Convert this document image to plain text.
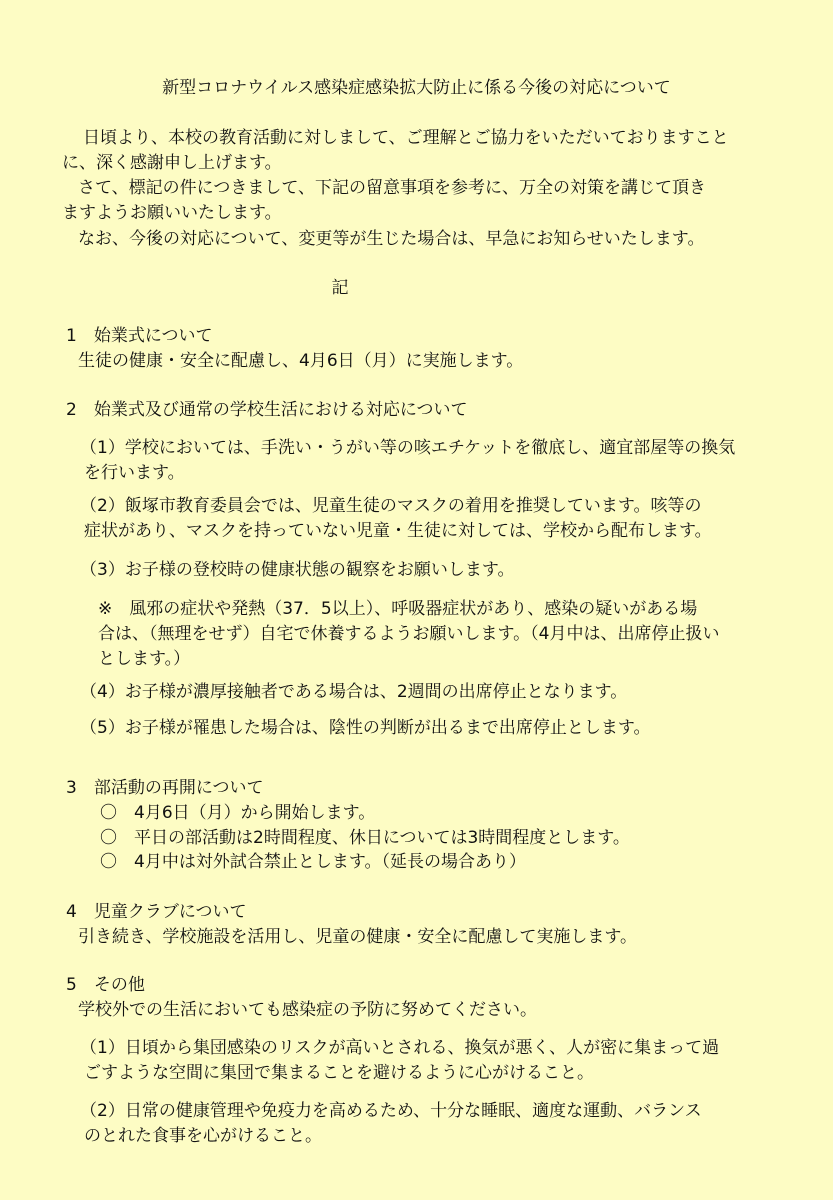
新型コロナウイルス感染症感染拡大防止に係る今後の対応について
日頃より、本校の教育活動に対しまして、ご理解とご協力をいただいておりますこと
に、深く感謝申し上げます。
さて、標記の件につきまして、下記の留意事項を参考に、万全の対策を講じて頂き
ますようお願いいたします。
なお、今後の対応について、変更等が生じた場合は、早急にお知らせいたします。
記
1　始業式について
生徒の健康・安全に配慮し、4月6日（月）に実施します。
2　始業式及び通常の学校生活における対応について
（1）学校においては、手洗い・うがい等の咳エチケットを徹底し、適宜部屋等の換気
を行います。
（2）飯塚市教育委員会では、児童生徒のマスクの着用を推奨しています。咳等の
症状があり、マスクを持っていない児童・生徒に対しては、学校から配布します。
（3）お子様の登校時の健康状態の観察をお願いします。
※　風邪の症状や発熱（37．5以上）、呼吸器症状があり、感染の疑いがある場
合は、（無理をせず）自宅で休養するようお願いします。（4月中は、出席停止扱い
とします。）
（4）お子様が濃厚接触者である場合は、2週間の出席停止となります。
（5）お子様が罹患した場合は、陰性の判断が出るまで出席停止とします。
3　部活動の再開について
〇　4月6日（月）から開始します。
〇　平日の部活動は2時間程度、休日については3時間程度とします。
〇　4月中は対外試合禁止とします。（延長の場合あり）
4　児童クラブについて
引き続き、学校施設を活用し、児童の健康・安全に配慮して実施します。
5　その他
学校外での生活においても感染症の予防に努めてください。
（1）日頃から集団感染のリスクが高いとされる、換気が悪く、人が密に集まって過
ごすような空間に集団で集まることを避けるように心がけること。
（2）日常の健康管理や免疫力を高めるため、十分な睡眠、適度な運動、バランス
のとれた食事を心がけること。
